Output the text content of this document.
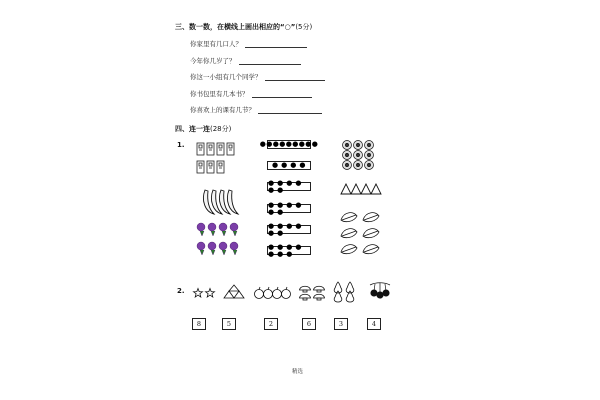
三、数一数，在横线上画出相应的“○”(5分)
你家里有几口人？
今年你几岁了？
你这一小组有几个同学？
你书包里有几本书？
你喜欢上的课有几节？
四、连一连(28分)
1.	●●●●●●●●●
● ● ● ●
● ● ● ● ● ●
● ● ● ● ● ●
● ● ● ● ● ●
● ● ● ● ● ● ●
2.
8	5	2	6	3	4
精选
